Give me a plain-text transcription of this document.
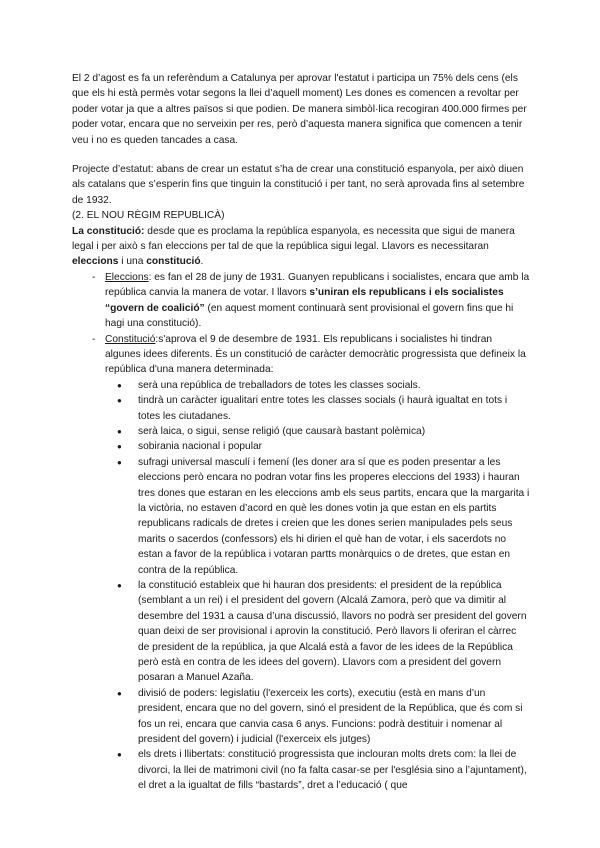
El 2 d’agost es fa un referèndum a Catalunya per aprovar l'estatut i participa un 75% dels cens (els que els hi està permès votar segons la llei d’aquell moment) Les dones es comencen a revoltar per poder votar ja que a altres països si que podien. De manera simbòl·lica recogiran 400.000 firmes per poder votar, encara que no serveixin per res, però d’aquesta manera significa que comencen a tenir veu i no es queden tancades a casa.

Projecte d’estatut: abans de crear un estatut s’ha de crear una constitució espanyola, per això diuen als catalans que s’esperin fins que tinguin la constitució i per tant, no serà aprovada fins al setembre de 1932.

(2. EL NOU RÈGIM REPUBLICÀ)

La constitució: desde que es proclama la república espanyola, es necessita que sigui de manera legal i per això s fan eleccions per tal de que la república sigui legal. Llavors es necessitaran eleccions i una constitució.

- Eleccions: es fan el 28 de juny de 1931. Guanyen republicans i socialistes, encara que amb la república canvia la manera de votar. I llavors s’uniran els republicans i els socialistes “govern de coalició” (en aquest moment continuarà sent provisional el govern fins que hi hagi una constitució).
- Constitució:s'aprova el 9 de desembre de 1931. Els republicans i socialistes hi tindran algunes idees diferents. És un constitució de caràcter democràtic progressista que defineix la república d'una manera determinada:
● serà una república de treballadors de totes les classes socials.
● tindrà un caràcter igualitari entre totes les classes socials (i haurà igualtat en tots i totes les ciutadanes.
● serà laica, o sigui, sense religió (que causarà bastant polèmica)
● sobirania nacional i popular
● sufragi universal masculí i femení (les doner ara sí que es poden presentar a les eleccions però encara no podran votar fins les properes eleccions del 1933) i hauran tres dones que estaran en les eleccions amb els seus partits, encara que la margarita i la victòria, no estaven d’acord en què les dones votin ja que estan en els partits republicans radicals de dretes i creien que les dones serien manipulades pels seus marits o sacerdos (confessors) els hi dirien el què han de votar, i els sacerdots no estan a favor de la república i votaran partts monàrquics o de dretes, que estan en contra de la república.
● la constitució estableix que hi hauran dos presidents: el president de la república (semblant a un rei) i el president del govern (Alcalá Zamora, però que va dimitir al desembre del 1931 a causa d’una discussió, llavors no podrà ser president del govern quan deixi de ser provisional i aprovin la constitució. Però llavors li oferiran el càrrec de president de la república, ja que Alcalá està a favor de les idees de la República però està en contra de les idees del govern). Llavors com a president del govern posaran a Manuel Azaña.
● divisió de poders: legislatiu (l'exerceix les corts), executiu (està en mans d’un president, encara que no del govern, sinó el president de la República, que és com si fos un rei, encara que canvia casa 6 anys. Funcions: podrà destituir i nomenar al president del govern) i judicial (l'exerceix els jutges)
● els drets i llibertats: constitució progressista que inclouran molts drets com: la llei de divorci, la llei de matrimoni civil (no fa falta casar-se per l'església sino a l’ajuntament), el dret a la igualtat de fills “bastards”, dret a l’educació ( que
